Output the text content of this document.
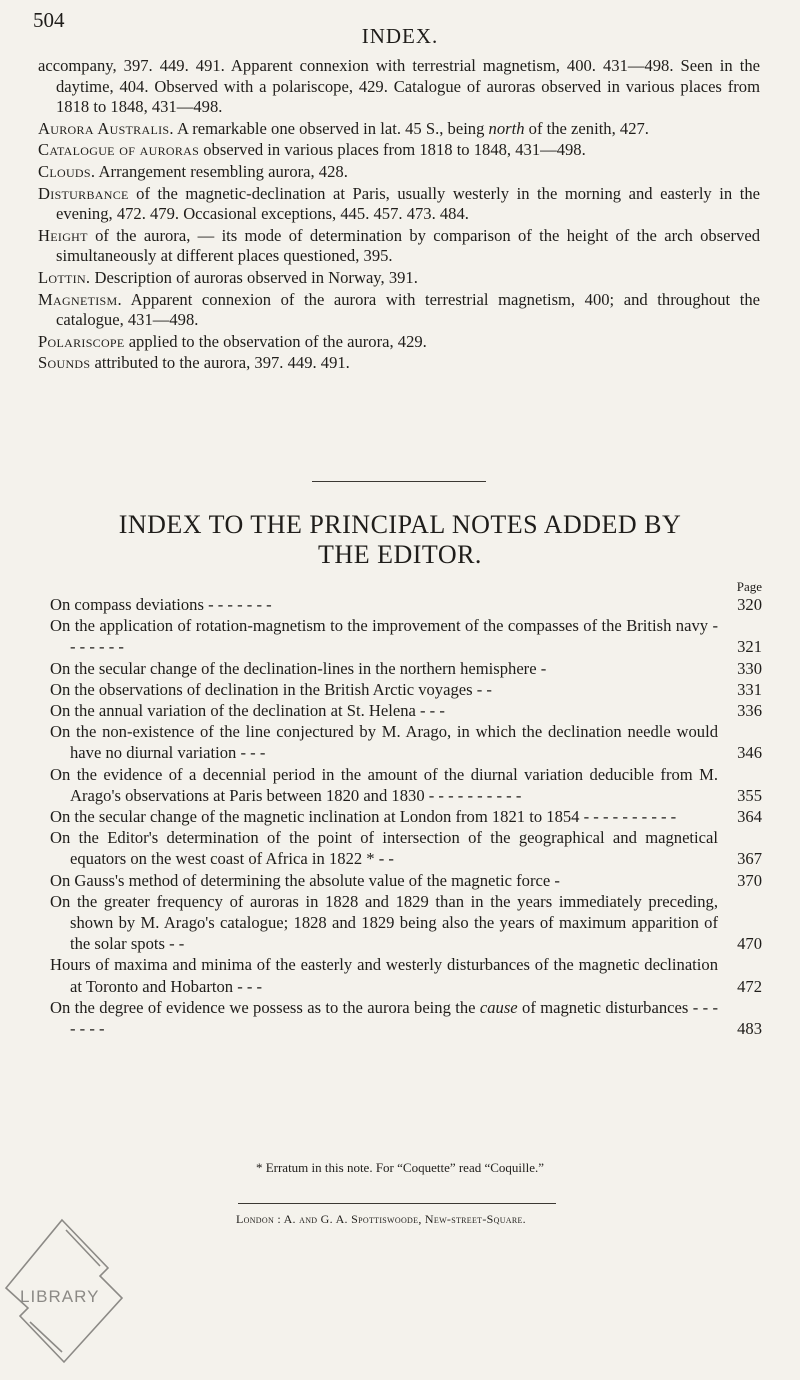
504
INDEX.

accompany, 397. 449. 491. Apparent connexion with terrestrial magnetism, 400. 431—498. Seen in the daytime, 404. Observed with a polariscope, 429. Catalogue of auroras observed in various places from 1818 to 1848, 431—498.

Aurora Australis. A remarkable one observed in lat. 45 S., being north of the zenith, 427.

Catalogue of auroras observed in various places from 1818 to 1848, 431—498.

Clouds. Arrangement resembling aurora, 428.

Disturbance of the magnetic-declination at Paris, usually westerly in the morning and easterly in the evening, 472. 479. Occasional exceptions, 445. 457. 473. 484.

Height of the aurora, — its mode of determination by comparison of the height of the arch observed simultaneously at different places questioned, 395.

Lottin. Description of auroras observed in Norway, 391.

Magnetism. Apparent connexion of the aurora with terrestrial magnetism, 400; and throughout the catalogue, 431—498.

Polariscope applied to the observation of the aurora, 429.

Sounds attributed to the aurora, 397. 449. 491.

INDEX TO THE PRINCIPAL NOTES ADDED BY
THE EDITOR.
Page
On compass deviations - - - - - - -	320
On the application of rotation-magnetism to the improvement of the compasses of the British navy - - - - - - -	321
On the secular change of the declination-lines in the northern hemisphere -	330
On the observations of declination in the British Arctic voyages - -	331
On the annual variation of the declination at St. Helena - - -	336
On the non-existence of the line conjectured by M. Arago, in which the declination needle would have no diurnal variation - - -	346
On the evidence of a decennial period in the amount of the diurnal variation deducible from M. Arago's observations at Paris between 1820 and 1830 - - - - - - - - - -	355
On the secular change of the magnetic inclination at London from 1821 to 1854 - - - - - - - - - -	364
On the Editor's determination of the point of intersection of the geographical and magnetical equators on the west coast of Africa in 1822 * - -	367
On Gauss's method of determining the absolute value of the magnetic force -	370
On the greater frequency of auroras in 1828 and 1829 than in the years immediately preceding, shown by M. Arago's catalogue; 1828 and 1829 being also the years of maximum apparition of the solar spots - -	470
Hours of maxima and minima of the easterly and westerly disturbances of the magnetic declination at Toronto and Hobarton - - -	472
On the degree of evidence we possess as to the aurora being the cause of magnetic disturbances - - - - - - -	483
* Erratum in this note. For “Coquette” read “Coquille.”
London : A. and G. A. Spottiswoode, New-street-Square.
LIBRARY
